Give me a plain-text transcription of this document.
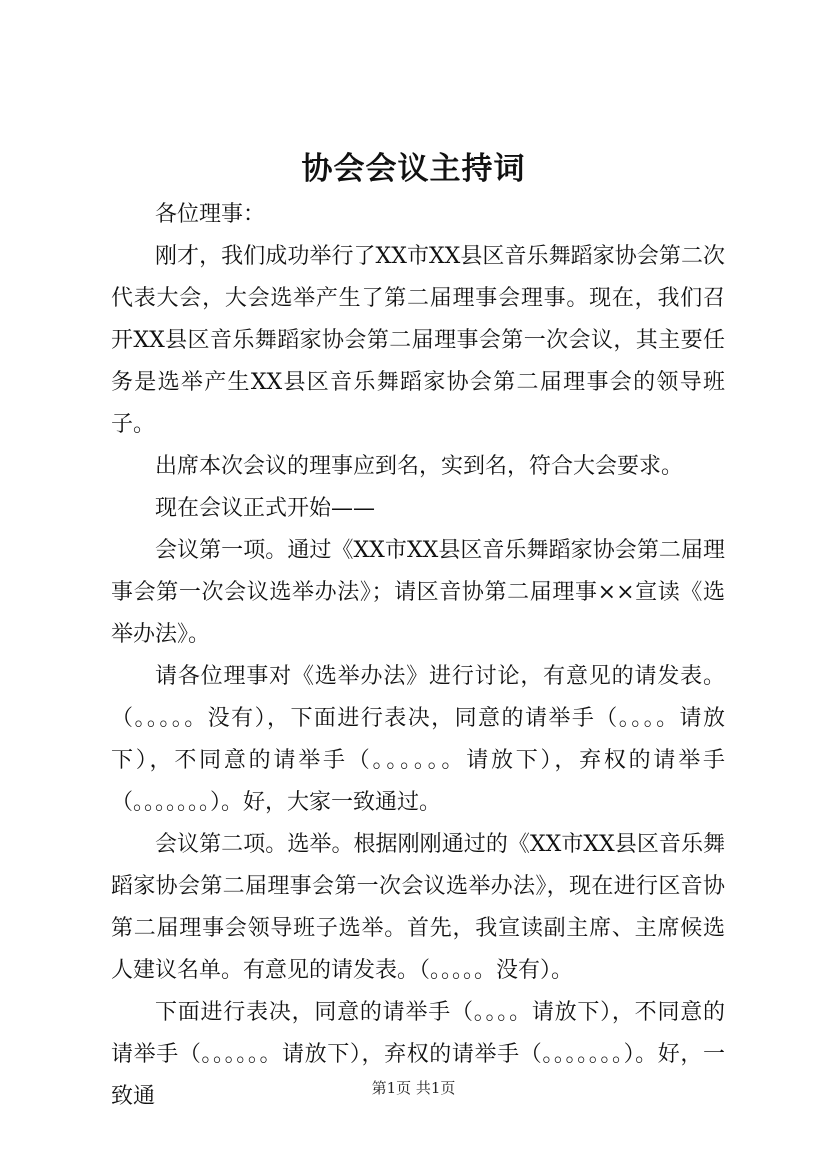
协会会议主持词

各位理事：

刚才，我们成功举行了XX市XX县区音乐舞蹈家协会第二次代表大会，大会选举产生了第二届理事会理事。现在，我们召开XX县区音乐舞蹈家协会第二届理事会第一次会议，其主要任务是选举产生XX县区音乐舞蹈家协会第二届理事会的领导班子。

出席本次会议的理事应到名，实到名，符合大会要求。

现在会议正式开始——

会议第一项。通过《XX市XX县区音乐舞蹈家协会第二届理事会第一次会议选举办法》；请区音协第二届理事××宣读《选举办法》。

请各位理事对《选举办法》进行讨论，有意见的请发表。（。。。。。没有），下面进行表决，同意的请举手（。。。。请放下），不同意的请举手（。。。。。。请放下），弃权的请举手（。。。。。。。）。好，大家一致通过。

会议第二项。选举。根据刚刚通过的《XX市XX县区音乐舞蹈家协会第二届理事会第一次会议选举办法》，现在进行区音协第二届理事会领导班子选举。首先，我宣读副主席、主席候选人建议名单。有意见的请发表。（。。。。。没有）。

下面进行表决，同意的请举手（。。。。请放下），不同意的请举手（。。。。。。请放下），弃权的请举手（。。。。。。。）。好，一致通	第1页 共1页
